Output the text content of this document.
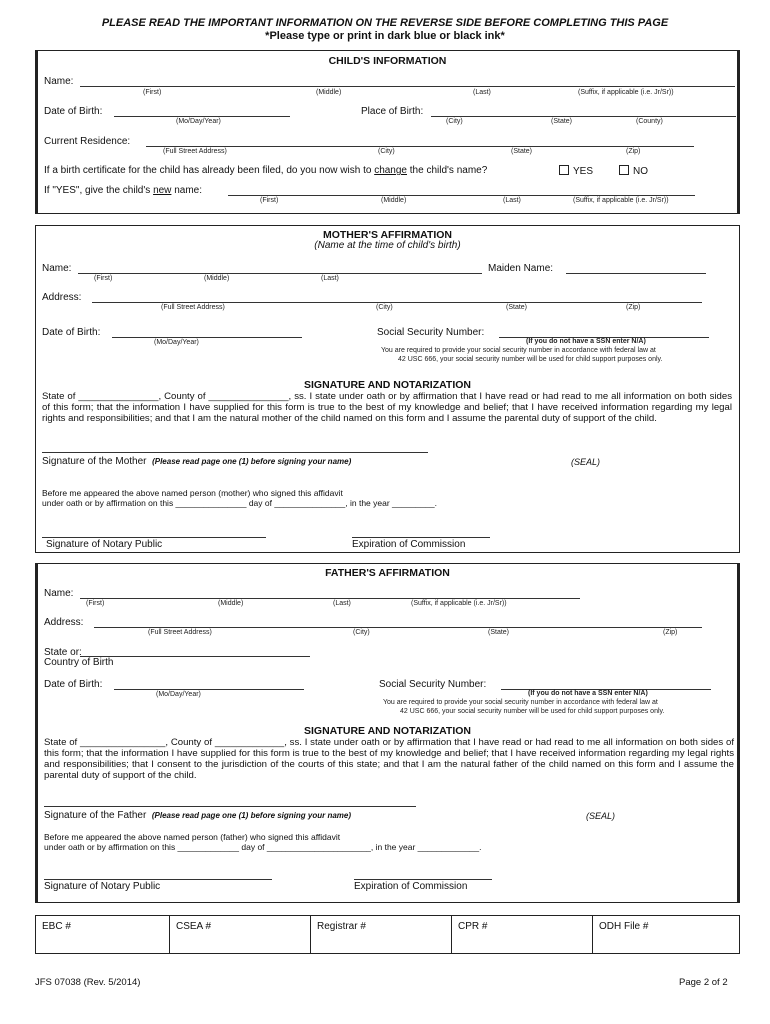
PLEASE READ THE IMPORTANT INFORMATION ON THE REVERSE SIDE BEFORE COMPLETING THIS PAGE
*Please type or print in dark blue or black ink*
CHILD'S INFORMATION
Name:
(First)	(Middle)	(Last)	(Suffix, if applicable (i.e. Jr/Sr))
Date of Birth:
(Mo/Day/Year)
Place of Birth:
(City)	(State)	(County)
Current Residence:
(Full Street Address)	(City)	(State)	(Zip)
If a birth certificate for the child has already been filed, do you now wish to change the child's name?	YES	NO
If "YES", give the child's new name:
(First)	(Middle)	(Last)	(Suffix, if applicable (i.e. Jr/Sr))
MOTHER'S AFFIRMATION
(Name at the time of child's birth)
Name:
(First)	(Middle)	(Last)
Maiden Name:
Address:
(Full Street Address)	(City)	(State)	(Zip)
Date of Birth:
(Mo/Day/Year)
Social Security Number:
(If you do not have a SSN enter N/A)
You are required to provide your social security number in accordance with federal law at
42 USC 666, your social security number will be used for child support purposes only.
SIGNATURE AND NOTARIZATION
State of _______________, County of _______________, ss. I state under oath or by affirmation that I have read or had read to me all information on both sides of this form; that the information I have supplied for this form is true to the best of my knowledge and belief; that I have received information regarding my legal rights and responsibilities; and that I am the natural mother of the child named on this form and I assume the parental duty of support of the child.
Signature of the Mother (Please read page one (1) before signing your name)	(SEAL)
Before me appeared the above named person (mother) who signed this affidavit
under oath or by affirmation on this _______________ day of _______________, in the year _________.
Signature of Notary Public	Expiration of Commission
FATHER'S AFFIRMATION
Name:
(First)	(Middle)	(Last)	(Suffix, if applicable (i.e. Jr/Sr))
Address:
(Full Street Address)	(City)	(State)	(Zip)
State or:
Country of Birth
Date of Birth:
(Mo/Day/Year)
Social Security Number:
(If you do not have a SSN enter N/A)
You are required to provide your social security number in accordance with federal law at
42 USC 666, your social security number will be used for child support purposes only.
SIGNATURE AND NOTARIZATION
State of ________________, County of _____________, ss. I state under oath or by affirmation that I have read or had read to me all information on both sides of this form; that the information I have supplied for this form is true to the best of my knowledge and belief; that I have received information regarding my legal rights and responsibilities; that I consent to the jurisdiction of the courts of this state; and that I am the natural father of the child named on this form and I assume the parental duty of support of the child.
Signature of the Father (Please read page one (1) before signing your name)	(SEAL)
Before me appeared the above named person (father) who signed this affidavit
under oath or by affirmation on this _____________ day of ______________________, in the year _____________.
Signature of Notary Public	Expiration of Commission
EBC #	CSEA #	Registrar #	CPR #	ODH File #
JFS 07038 (Rev. 5/2014)	Page 2 of 2
